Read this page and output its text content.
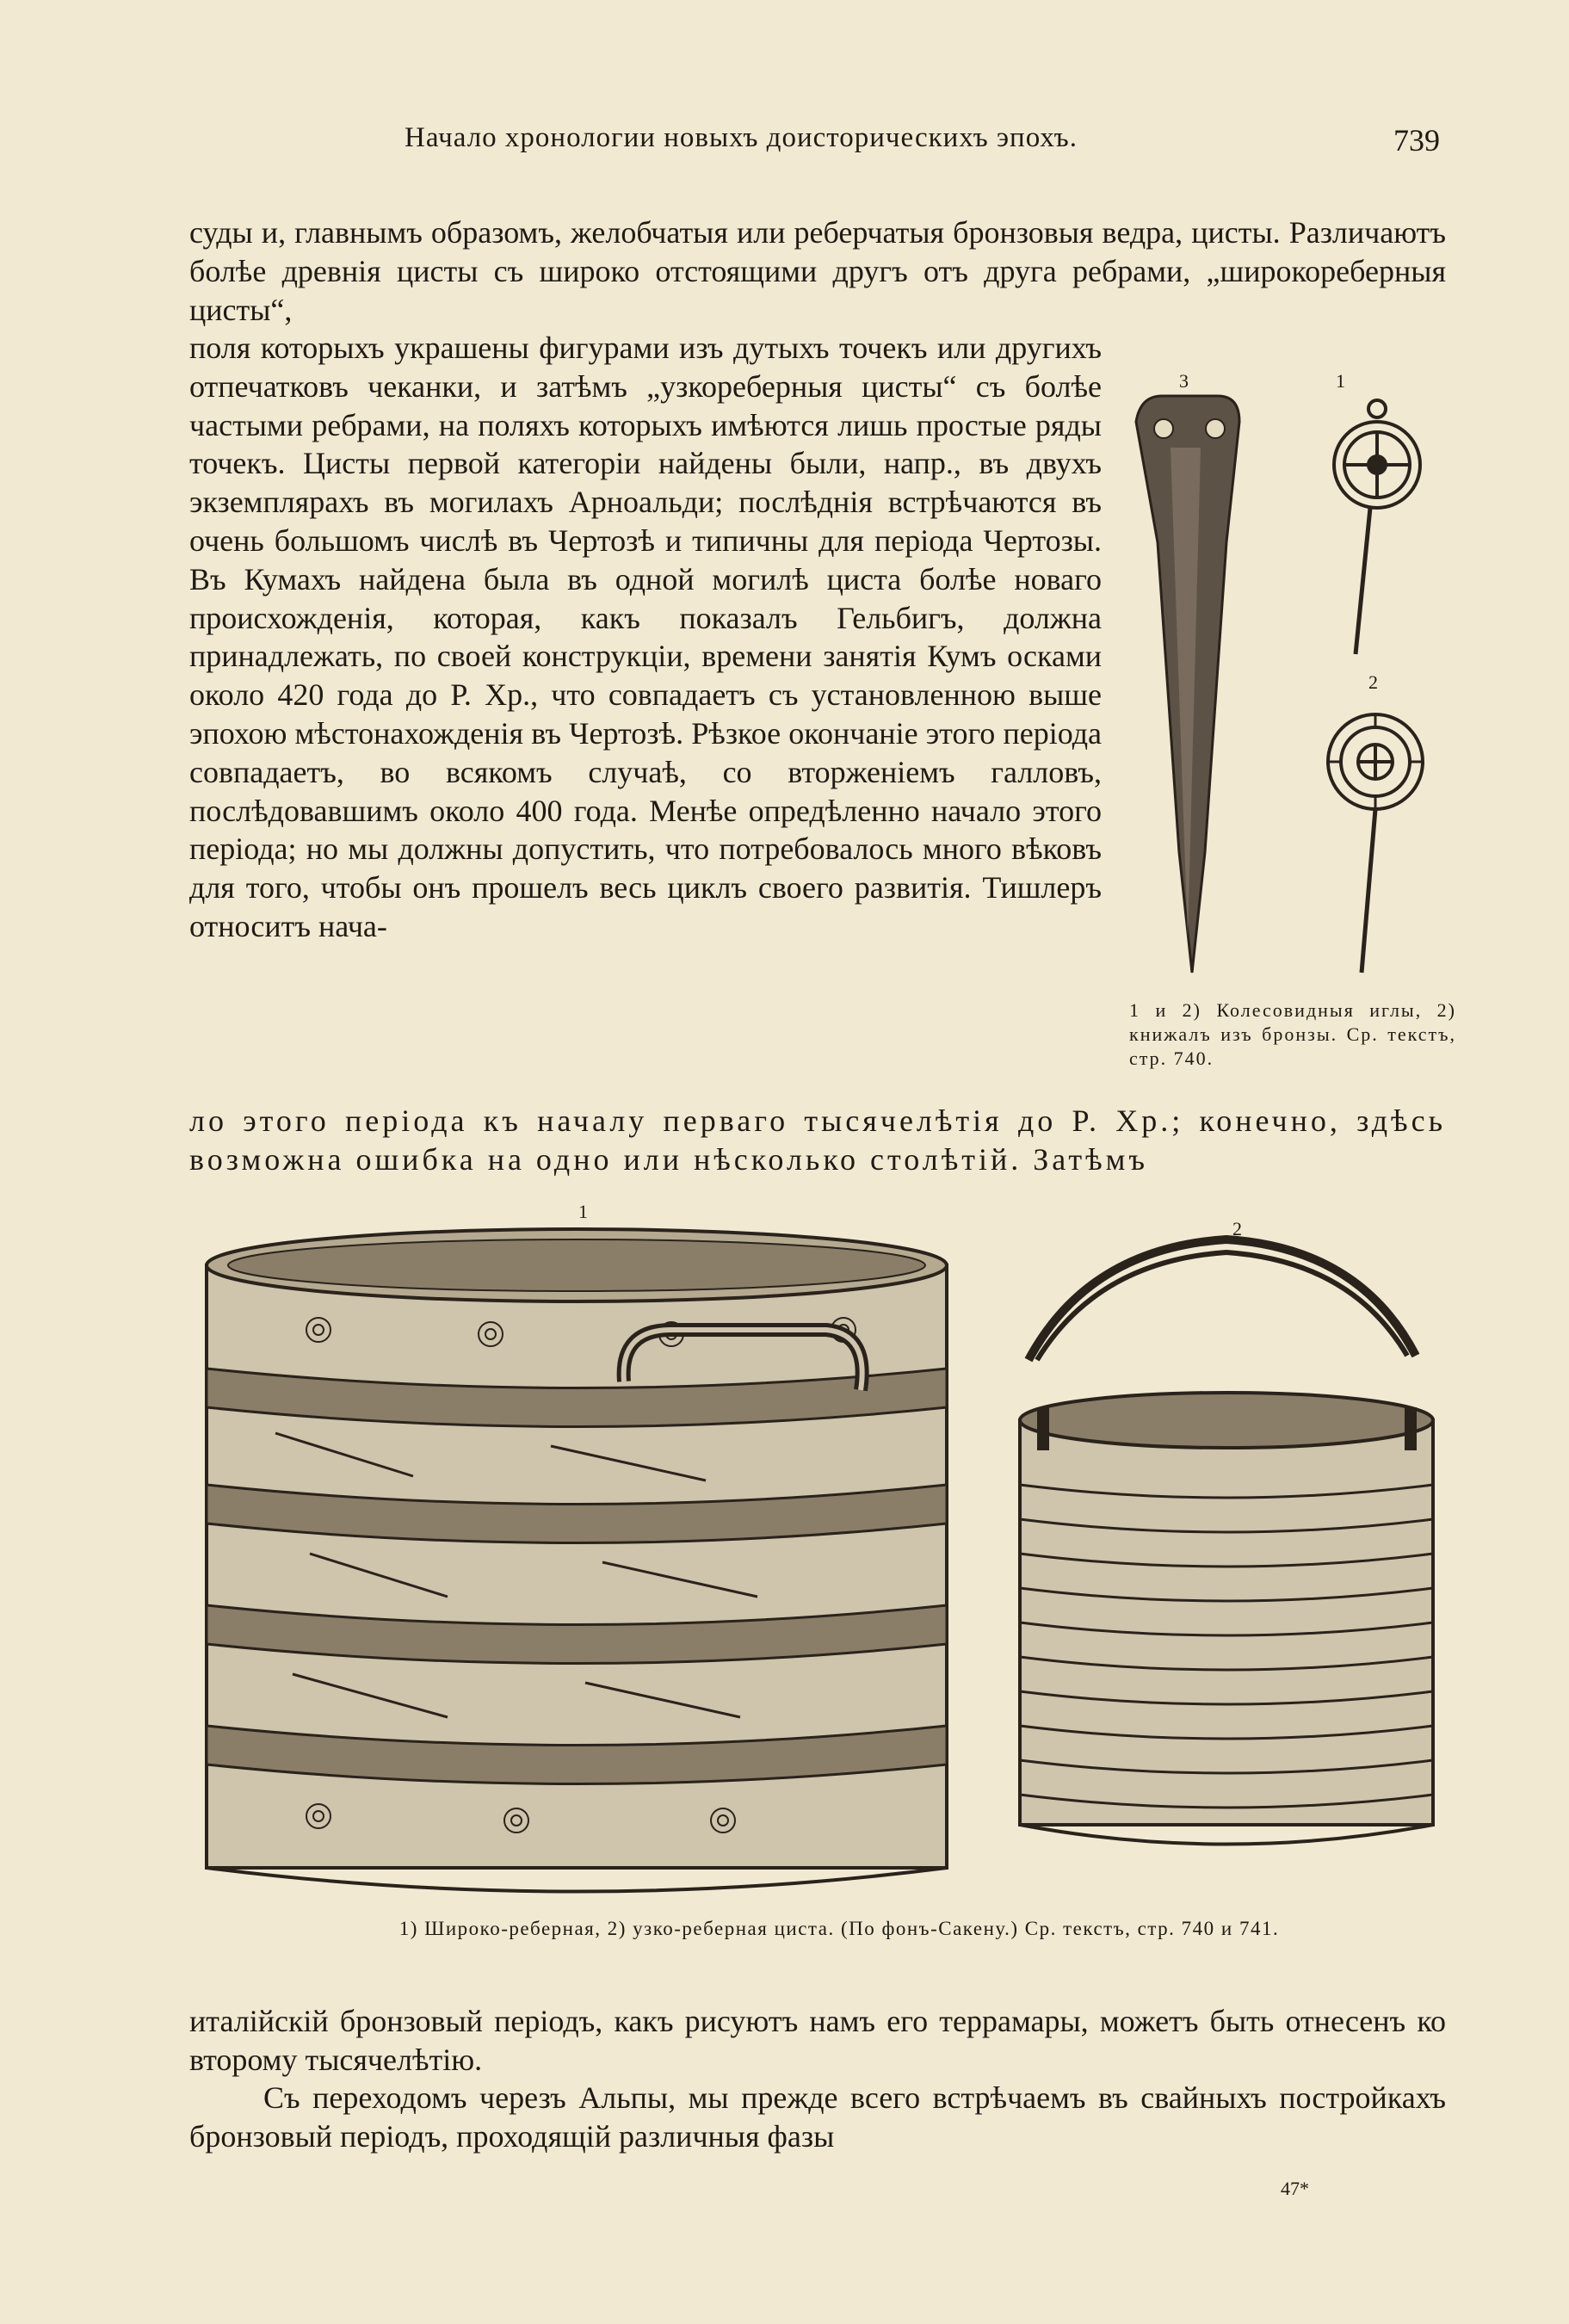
Начало хронологии новыхъ доисторическихъ эпохъ.	739

суды и, главнымъ образомъ, желобчатыя или реберчатыя бронзовыя ведра, цисты. Различаютъ болѣе древнія цисты съ широко отстоящими другъ отъ друга ребрами, „широкореберныя цисты“,

поля которыхъ украшены фигурами изъ дутыхъ точекъ или другихъ отпечатковъ чеканки, и затѣмъ „узкореберныя цисты“ съ болѣе частыми ребрами, на поляхъ которыхъ имѣются лишь простые ряды точекъ. Цисты первой категоріи найдены были, напр., въ двухъ экземплярахъ въ могилахъ Арноальди; послѣднія встрѣчаются въ очень большомъ числѣ въ Чертозѣ и типичны для періода Чертозы. Въ Кумахъ найдена была въ одной могилѣ циста болѣе новаго происхожденія, которая, какъ показалъ Гельбигъ, должна принадлежать, по своей конструкціи, времени занятія Кумъ осками около 420 года до Р. Хр., что совпадаетъ съ установленною выше эпохою мѣстонахожденія въ Чертозѣ. Рѣзкое окончаніе этого періода совпадаетъ, во всякомъ случаѣ, со вторженіемъ галловъ, послѣдовавшимъ около 400 года. Менѣе опредѣленно начало этого періода; но мы должны допустить, что потребовалось много вѣковъ для того, чтобы онъ прошелъ весь циклъ своего развитія. Тишлеръ относитъ нача-

3	1
2
1 и 2) Колесовидныя иглы, 2) книжалъ изъ бронзы. Ср. текстъ, стр. 740.

ло этого періода къ началу перваго тысячелѣтія до Р. Хр.; конечно, здѣсь возможна ошибка на одно или нѣсколько столѣтій. Затѣмъ

1
2
1) Широко-реберная, 2) узко-реберная циста. (По фонъ-Сакену.) Ср. текстъ, стр. 740 и 741.

италійскій бронзовый періодъ, какъ рисуютъ намъ его террамары, можетъ быть отнесенъ ко второму тысячелѣтію.

Съ переходомъ черезъ Альпы, мы прежде всего встрѣчаемъ въ свайныхъ постройкахъ бронзовый періодъ, проходящій различныя фазы

47*
